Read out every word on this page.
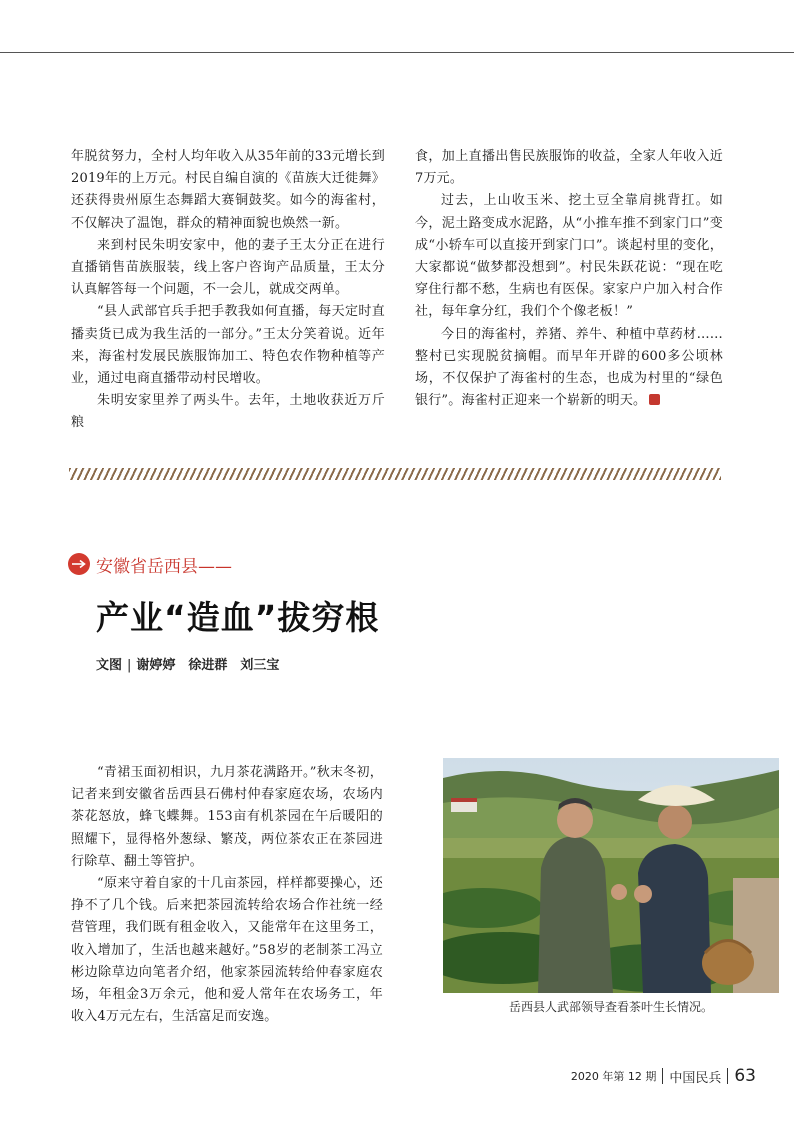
年脱贫努力，全村人均年收入从35年前的33元增长到2019年的上万元。村民自编自演的《苗族大迁徙舞》还获得贵州原生态舞蹈大赛铜鼓奖。如今的海雀村，不仅解决了温饱，群众的精神面貌也焕然一新。

来到村民朱明安家中，他的妻子王太分正在进行直播销售苗族服装，线上客户咨询产品质量，王太分认真解答每一个问题，不一会儿，就成交两单。

“县人武部官兵手把手教我如何直播，每天定时直播卖货已成为我生活的一部分。”王太分笑着说。近年来，海雀村发展民族服饰加工、特色农作物种植等产业，通过电商直播带动村民增收。

朱明安家里养了两头牛。去年，土地收获近万斤粮

食，加上直播出售民族服饰的收益，全家人年收入近7万元。

过去，上山收玉米、挖土豆全靠肩挑背扛。如今，泥土路变成水泥路，从“小推车推不到家门口”变成“小轿车可以直接开到家门口”。谈起村里的变化，大家都说“做梦都没想到”。村民朱跃花说：“现在吃穿住行都不愁，生病也有医保。家家户户加入村合作社，每年拿分红，我们个个像老板！”

今日的海雀村，养猪、养牛、种植中草药材……整村已实现脱贫摘帽。而早年开辟的600多公顷林场，不仅保护了海雀村的生态，也成为村里的“绿色银行”。海雀村正迎来一个崭新的明天。

安徽省岳西县——
产业“造血”拔穷根
文图 | 谢婷婷　徐进群　刘三宝

“青裙玉面初相识，九月茶花满路开。”秋末冬初，记者来到安徽省岳西县石佛村仲春家庭农场，农场内茶花怒放，蜂飞蝶舞。153亩有机茶园在午后暖阳的照耀下，显得格外葱绿、繁茂，两位茶农正在茶园进行除草、翻土等管护。

“原来守着自家的十几亩茶园，样样都要操心，还挣不了几个钱。后来把茶园流转给农场合作社统一经营管理，我们既有租金收入，又能常年在这里务工，收入增加了，生活也越来越好。”58岁的老制茶工冯立彬边除草边向笔者介绍，他家茶园流转给仲春家庭农场，年租金3万余元，他和爱人常年在农场务工，年收入4万元左右，生活富足而安逸。

岳西县人武部领导查看茶叶生长情况。
2020 年第 12 期 中国民兵 63
